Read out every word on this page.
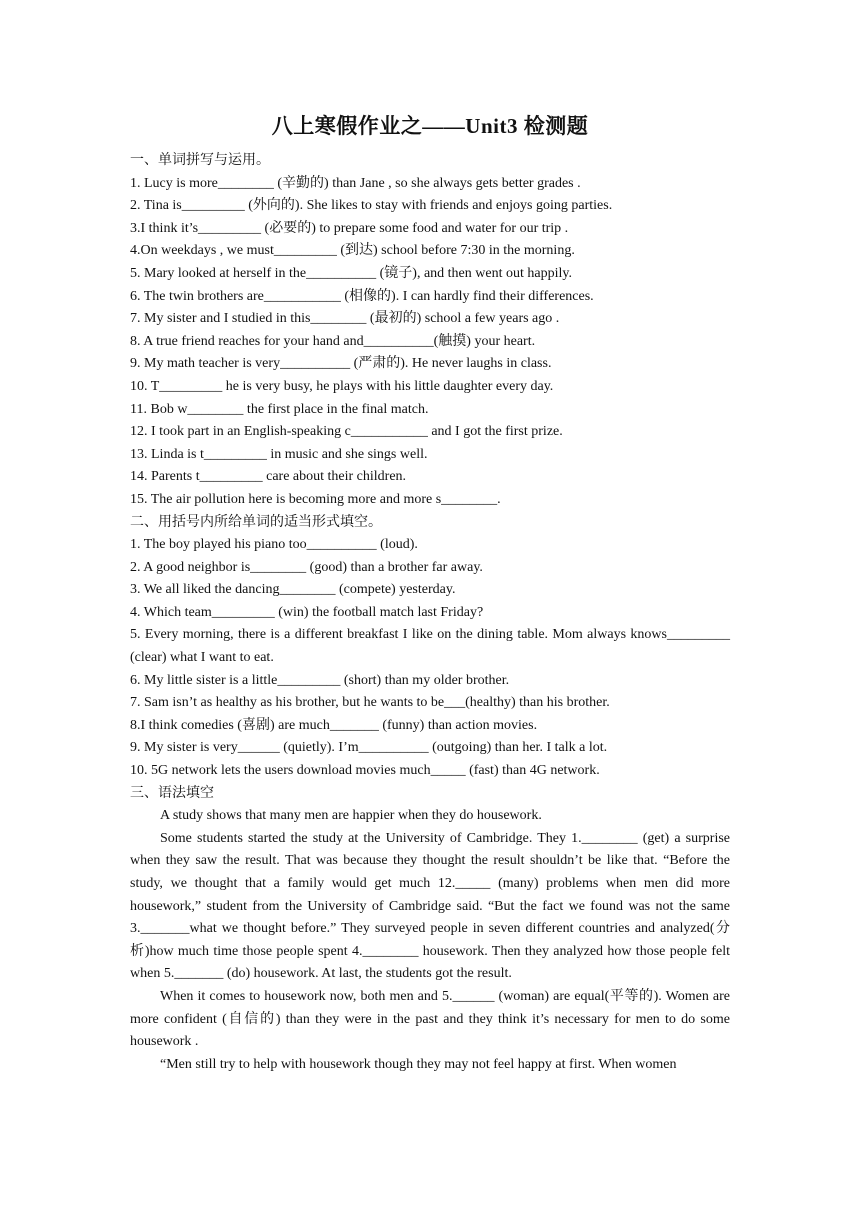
八上寒假作业之——Unit3 检测题
一、单词拼写与运用。
1. Lucy is more________ (辛勤的) than Jane , so she always gets better grades .
2. Tina is_________ (外向的). She likes to stay with friends and enjoys going parties.
3.I think it’s_________ (必要的) to prepare some food and water for our trip .
4.On weekdays , we must_________ (到达) school before 7:30 in the morning.
5. Mary looked at herself in the__________ (镜子), and then went out happily.
6. The twin brothers are___________ (相像的). I can hardly find their differences.
7. My sister and I studied in this________ (最初的) school a few years ago .
8. A true friend reaches for your hand and__________(触摸) your heart.
9. My math teacher is very__________ (严肃的). He never laughs in class.
10. T_________ he is very busy, he plays with his little daughter every day.
11. Bob w________ the first place in the final match.
12. I took part in an English-speaking c___________ and I got the first prize.
13. Linda is t_________ in music and she sings well.
14. Parents t_________ care about their children.
15. The air pollution here is becoming more and more s________.
二、用括号内所给单词的适当形式填空。
1. The boy played his piano too__________ (loud).
2. A good neighbor is________ (good) than a brother far away.
3. We all liked the dancing________ (compete) yesterday.
4. Which team_________ (win) the football match last Friday?
5. Every morning, there is a different breakfast I like on the dining table. Mom always knows_________ (clear) what I want to eat.
6. My little sister is a little_________ (short) than my older brother.
7. Sam isn’t as healthy as his brother, but he wants to be___(healthy) than his brother.
8.I think comedies (喜剧) are much_______ (funny) than action movies.
9. My sister is very______ (quietly). I’m__________ (outgoing) than her. I talk a lot.
10. 5G network lets the users download movies much_____ (fast) than 4G network.
三、语法填空

A study shows that many men are happier when they do housework.

Some students started the study at the University of Cambridge. They 1.________ (get) a surprise when they saw the result. That was because they thought the result shouldn’t be like that. “Before the study, we thought that a family would get much 12._____ (many) problems when men did more housework,” student from the University of Cambridge said. “But the fact we found was not the same 3._______what we thought before.” They surveyed people in seven different countries and analyzed(分析)how much time those people spent 4.________ housework. Then they analyzed how those people felt when 5._______ (do) housework. At last, the students got the result.

When it comes to housework now, both men and 5.______ (woman) are equal(平等的). Women are more confident (自信的) than they were in the past and they think it’s necessary for men to do some housework .

“Men still try to help with housework though they may not feel happy at first. When women
